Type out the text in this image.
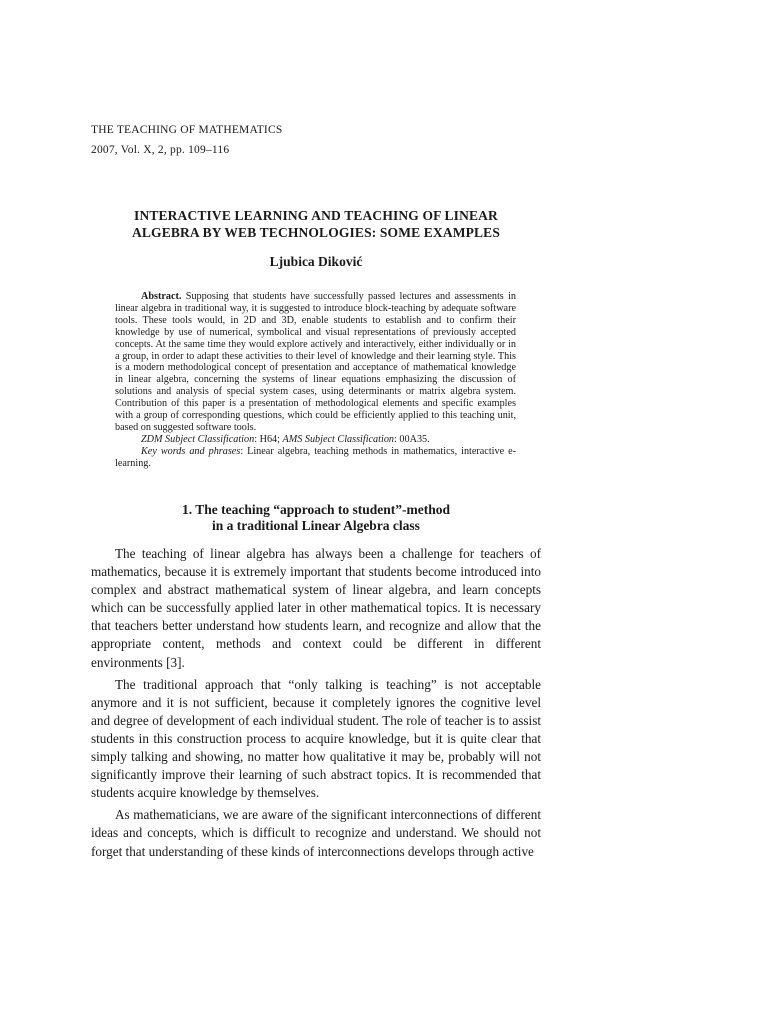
THE TEACHING OF MATHEMATICS
2007, Vol. X, 2, pp. 109–116
INTERACTIVE LEARNING AND TEACHING OF LINEAR
ALGEBRA BY WEB TECHNOLOGIES: SOME EXAMPLES
Ljubica Diković

Abstract. Supposing that students have successfully passed lectures and assessments in linear algebra in traditional way, it is suggested to introduce block-teaching by adequate software tools. These tools would, in 2D and 3D, enable students to establish and to confirm their knowledge by use of numerical, symbolical and visual representations of previously accepted concepts. At the same time they would explore actively and interactively, either individually or in a group, in order to adapt these activities to their level of knowledge and their learning style. This is a modern methodological concept of presentation and acceptance of mathematical knowledge in linear algebra, concerning the systems of linear equations emphasizing the discussion of solutions and analysis of special system cases, using determinants or matrix algebra system. Contribution of this paper is a presentation of methodological elements and specific examples with a group of corresponding questions, which could be efficiently applied to this teaching unit, based on suggested software tools.

ZDM Subject Classification: H64; AMS Subject Classification: 00A35.

Key words and phrases: Linear algebra, teaching methods in mathematics, interactive e-learning.

1. The teaching “approach to student”-method
in a traditional Linear Algebra class

The teaching of linear algebra has always been a challenge for teachers of mathematics, because it is extremely important that students become introduced into complex and abstract mathematical system of linear algebra, and learn concepts which can be successfully applied later in other mathematical topics. It is necessary that teachers better understand how students learn, and recognize and allow that the appropriate content, methods and context could be different in different environments [3].

The traditional approach that “only talking is teaching” is not acceptable anymore and it is not sufficient, because it completely ignores the cognitive level and degree of development of each individual student. The role of teacher is to assist students in this construction process to acquire knowledge, but it is quite clear that simply talking and showing, no matter how qualitative it may be, probably will not significantly improve their learning of such abstract topics. It is recommended that students acquire knowledge by themselves.

As mathematicians, we are aware of the significant interconnections of different ideas and concepts, which is difficult to recognize and understand. We should not forget that understanding of these kinds of interconnections develops through active
